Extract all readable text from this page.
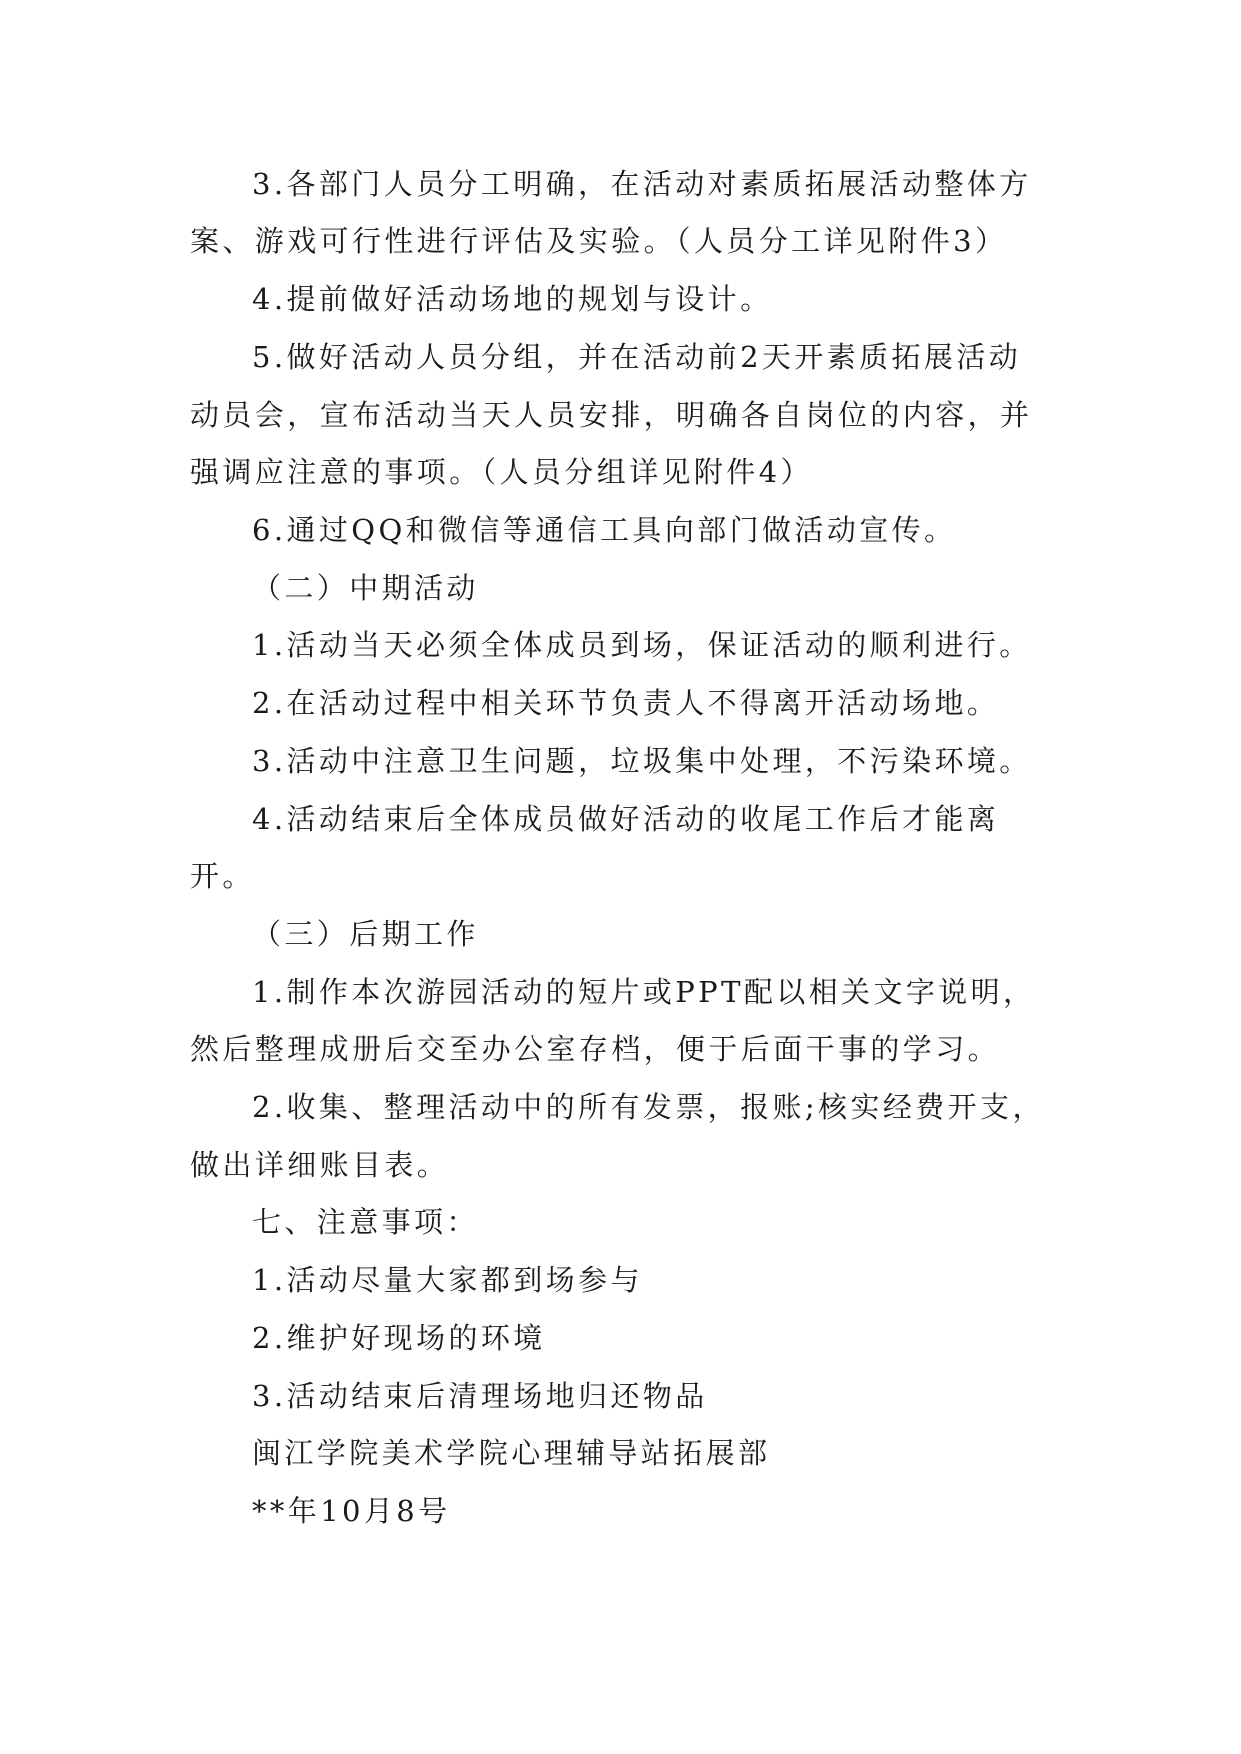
3.各部门人员分工明确，在活动对素质拓展活动整体方

案、游戏可行性进行评估及实验。（人员分工详见附件3）

4.提前做好活动场地的规划与设计。

5.做好活动人员分组，并在活动前2天开素质拓展活动

动员会，宣布活动当天人员安排，明确各自岗位的内容，并

强调应注意的事项。（人员分组详见附件4）

6.通过QQ和微信等通信工具向部门做活动宣传。

（二）中期活动

1.活动当天必须全体成员到场，保证活动的顺利进行。

2.在活动过程中相关环节负责人不得离开活动场地。

3.活动中注意卫生问题，垃圾集中处理，不污染环境。

4.活动结束后全体成员做好活动的收尾工作后才能离

开。

（三）后期工作

1.制作本次游园活动的短片或PPT配以相关文字说明，

然后整理成册后交至办公室存档，便于后面干事的学习。

2.收集、整理活动中的所有发票，报账;核实经费开支，

做出详细账目表。

七、注意事项：

1.活动尽量大家都到场参与

2.维护好现场的环境

3.活动结束后清理场地归还物品

闽江学院美术学院心理辅导站拓展部

**年10月8号
